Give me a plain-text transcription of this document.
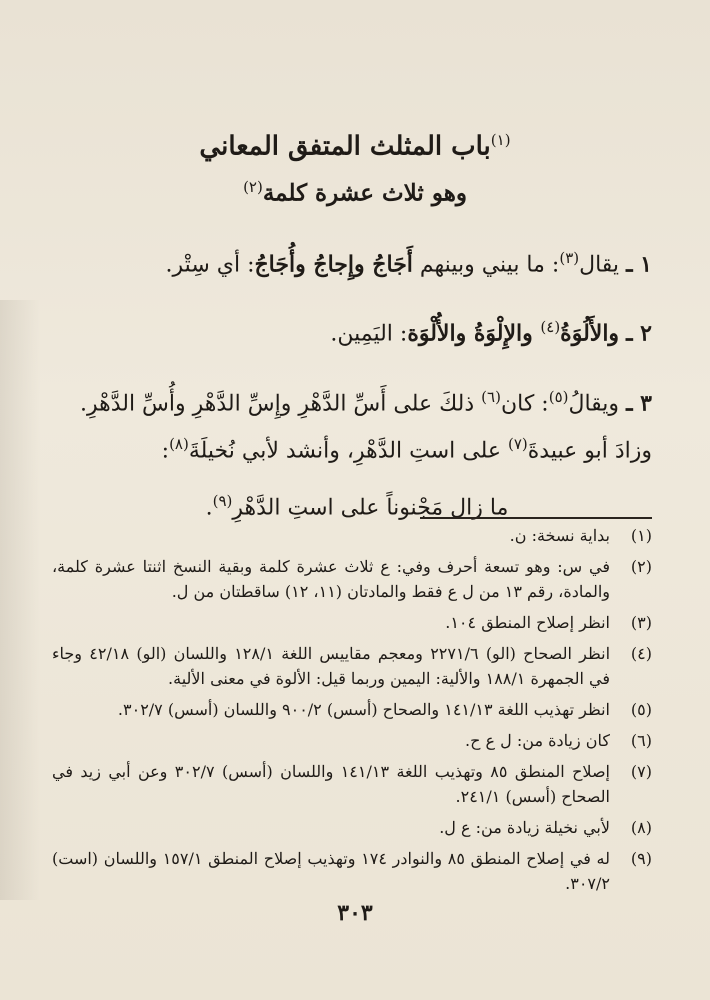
$^{(١)}$باب المثلث المتفق المعاني
وهو ثلاث عشرة كلمة$^{(٢)}$
١ ـ يقال$^{(٣)}$: ما بيني وبينهم أَجَاجُ وإِجاجُ وأُجَاجُ: أي سِتْر.
٢ ـ والأَلُوَةُ$^{(٤)}$ والإِلْوَةُ والأُلْوَة: اليَمِين.
٣ ـ ويقالُ$^{(٥)}$: كان$^{(٦)}$ ذلكَ على أَسِّ الدَّهْرِ وإِسِّ الدَّهْرِ وأُسِّ الدَّهْرِ.
وزادَ أبو عبيدةَ$^{(٧)}$ على استِ الدَّهْرِ، وأنشد لأبي نُخيلَةَ$^{(٨)}$:
ما زال مَجْنوناً على استِ الدَّهْرِ$^{(٩)}$.
(١)
بداية نسخة: ن.
(٢)
في س: وهو تسعة أحرف وفي: ع ثلاث عشرة كلمة وبقية النسخ اثنتا عشرة كلمة، والمادة، رقم ١٣ من ل ع فقط والمادتان (١١، ١٢) ساقطتان من ل.
(٣)
انظر إصلاح المنطق ١٠٤.
(٤)
انظر الصحاح (الو) ٢٢٧١/٦ ومعجم مقاييس اللغة ١٢٨/١ واللسان (الو) ٤٢/١٨ وجاء في الجمهرة ١٨٨/١ والألية: اليمين وربما قيل: الألوة في معنى الألية.
(٥)
انظر تهذيب اللغة ١٤١/١٣ والصحاح (أسس) ٩٠٠/٢ واللسان (أسس) ٣٠٢/٧.
(٦)
كان زيادة من: ل ع ح.
(٧)
إصلاح المنطق ٨٥ وتهذيب اللغة ١٤١/١٣ واللسان (أسس) ٣٠٢/٧ وعن أبي زيد في الصحاح (أسس) ٢٤١/١.
(٨)
لأبي نخيلة زيادة من: ع ل.
(٩)
له في إصلاح المنطق ٨٥ والنوادر ١٧٤ وتهذيب إصلاح المنطق ١٥٧/١ واللسان (است) ٣٠٧/٢.
٣٠٣
